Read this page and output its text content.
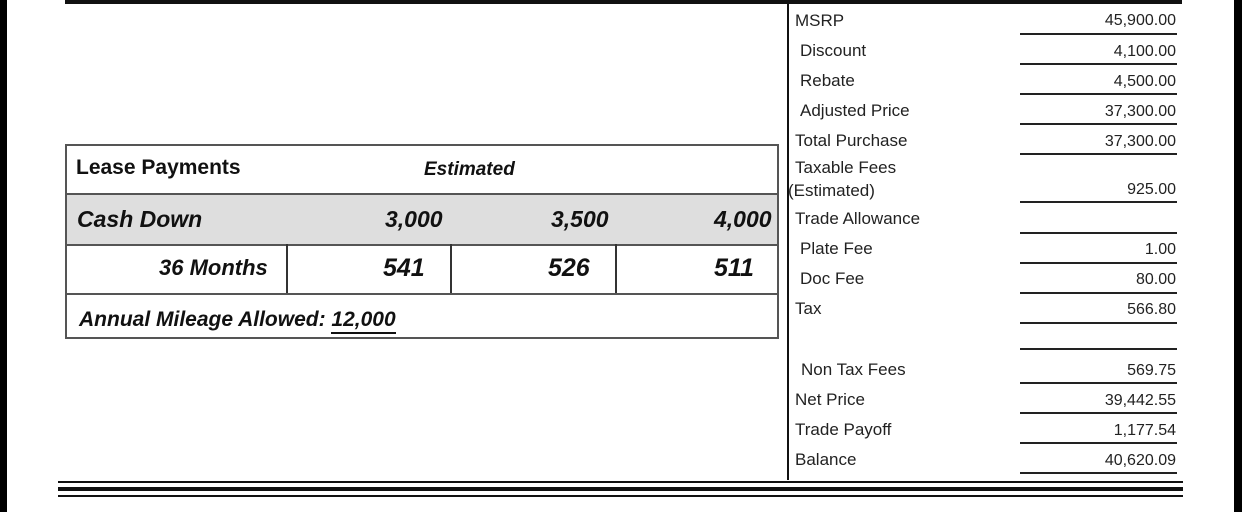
Lease Payments	Estimated
Cash Down	3,000	3,500	4,000
36 Months	541	526	511
Annual Mileage Allowed: 12,000
MSRP	45,900.00
Discount	4,100.00
Rebate	4,500.00
Adjusted Price	37,300.00
Total Purchase	37,300.00
Taxable Fees
(Estimated)	925.00
Trade Allowance
Plate Fee	1.00
Doc Fee	80.00
Tax	566.80
Non Tax Fees	569.75
Net Price	39,442.55
Trade Payoff	1,177.54
Balance	40,620.09
